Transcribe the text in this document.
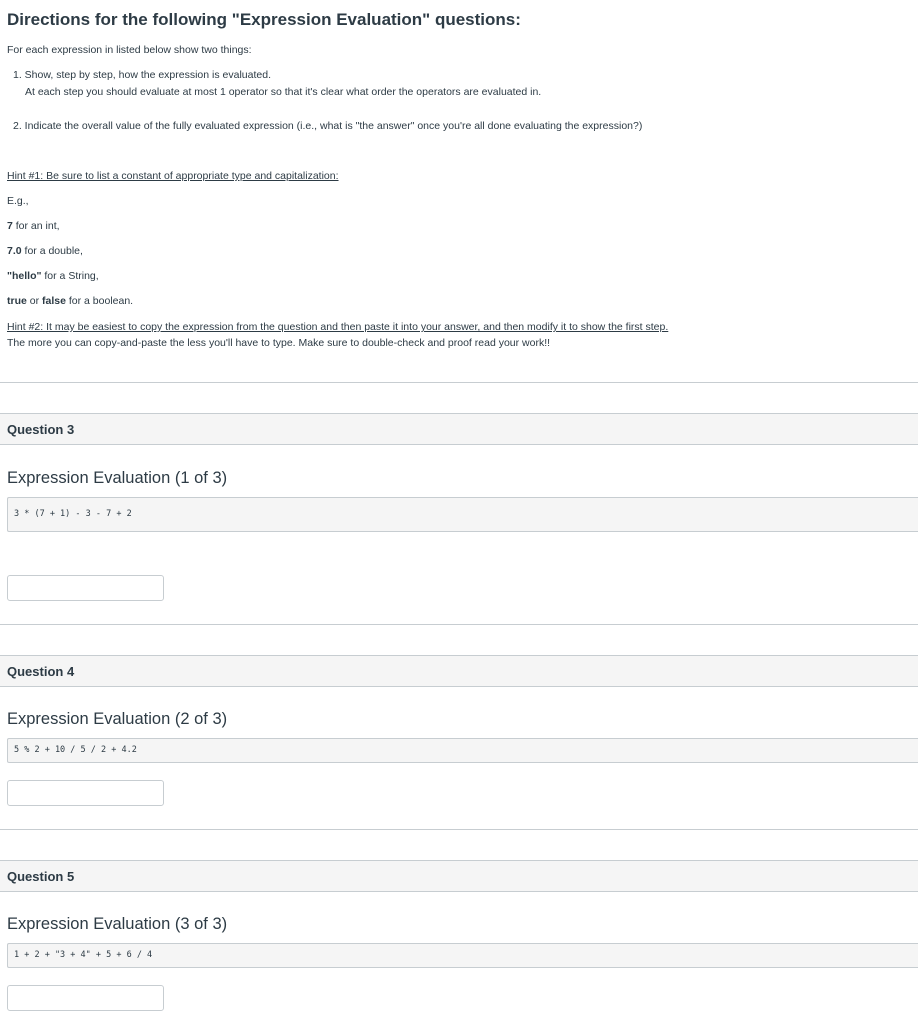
Directions for the following "Expression Evaluation" questions:
For each expression in listed below show two things:
1. Show, step by step, how the expression is evaluated.
At each step you should evaluate at most 1 operator so that it's clear what order the operators are evaluated in.
2. Indicate the overall value of the fully evaluated expression (i.e., what is "the answer" once you're all done evaluating the expression?)
Hint #1: Be sure to list a constant of appropriate type and capitalization:
E.g.,
7 for an int,
7.0 for a double,
"hello" for a String,
true or false for a boolean.
Hint #2: It may be easiest to copy the expression from the question and then paste it into your answer, and then modify it to show the first step.
The more you can copy-and-paste the less you'll have to type. Make sure to double-check and proof read your work!!
Question 3
Expression Evaluation (1 of 3)
3 * (7 + 1) - 3 - 7 + 2
Question 4
Expression Evaluation (2 of 3)
5 % 2 + 10 / 5 / 2 + 4.2
Question 5
Expression Evaluation (3 of 3)
1 + 2 + "3 + 4" + 5 + 6 / 4
